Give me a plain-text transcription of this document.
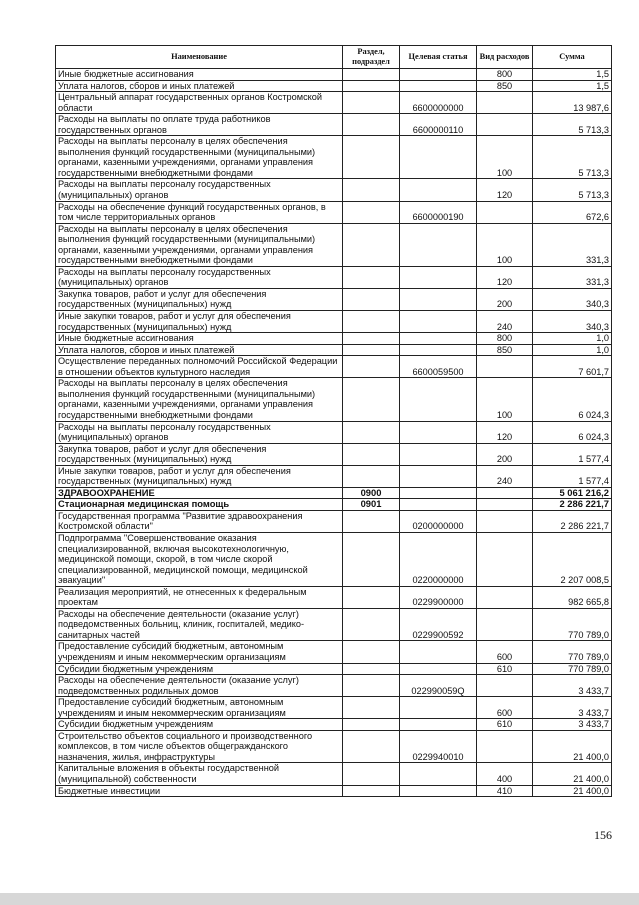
Наименование	Раздел, подраздел	Целевая статья	Вид расходов	Сумма
Иные бюджетные ассигнования			800	1,5
Уплата налогов, сборов и иных платежей			850	1,5
Центральный аппарат государственных органов Костромской области		6600000000		13 987,6
Расходы на выплаты по оплате труда работников государственных органов		6600000110		5 713,3
Расходы на выплаты персоналу в целях обеспечения выполнения функций государственными (муниципальными) органами, казенными учреждениями, органами управления государственными внебюджетными фондами			100	5 713,3
Расходы на выплаты персоналу государственных (муниципальных) органов			120	5 713,3
Расходы на обеспечение функций государственных органов, в том числе территориальных органов		6600000190		672,6
Расходы на выплаты персоналу в целях обеспечения выполнения функций государственными (муниципальными) органами, казенными учреждениями, органами управления государственными внебюджетными фондами			100	331,3
Расходы на выплаты персоналу государственных (муниципальных) органов			120	331,3
Закупка товаров, работ и услуг для обеспечения государственных (муниципальных) нужд			200	340,3
Иные закупки товаров, работ и услуг для обеспечения государственных (муниципальных) нужд			240	340,3
Иные бюджетные ассигнования			800	1,0
Уплата налогов, сборов и иных платежей			850	1,0
Осуществление переданных полномочий Российской Федерации в отношении объектов культурного наследия		6600059500		7 601,7
Расходы на выплаты персоналу в целях обеспечения выполнения функций государственными (муниципальными) органами, казенными учреждениями, органами управления государственными внебюджетными фондами			100	6 024,3
Расходы на выплаты персоналу государственных (муниципальных) органов			120	6 024,3
Закупка товаров, работ и услуг для обеспечения государственных (муниципальных) нужд			200	1 577,4
Иные закупки товаров, работ и услуг для обеспечения государственных (муниципальных) нужд			240	1 577,4
ЗДРАВООХРАНЕНИЕ	0900			5 061 216,2
Стационарная медицинская помощь	0901			2 286 221,7
Государственная программа "Развитие здравоохранения Костромской области"		0200000000		2 286 221,7
Подпрограмма "Совершенствование оказания специализированной, включая высокотехнологичную, медицинской помощи, скорой, в том числе скорой специализированной, медицинской помощи, медицинской эвакуации"		0220000000		2 207 008,5
Реализация мероприятий, не отнесенных к федеральным проектам		0229900000		982 665,8
Расходы на обеспечение деятельности (оказание услуг) подведомственных больниц, клиник, госпиталей, медико-санитарных частей		0229900592		770 789,0
Предоставление субсидий бюджетным, автономным учреждениям и иным некоммерческим организациям			600	770 789,0
Субсидии бюджетным учреждениям			610	770 789,0
Расходы на обеспечение деятельности (оказание услуг) подведомственных родильных домов		022990059Q		3 433,7
Предоставление субсидий бюджетным, автономным учреждениям и иным некоммерческим организациям			600	3 433,7
Субсидии бюджетным учреждениям			610	3 433,7
Строительство объектов социального и производственного комплексов, в том числе объектов общегражданского назначения, жилья, инфраструктуры		0229940010		21 400,0
Капитальные вложения в объекты государственной (муниципальной) собственности			400	21 400,0
Бюджетные инвестиции			410	21 400,0
156
